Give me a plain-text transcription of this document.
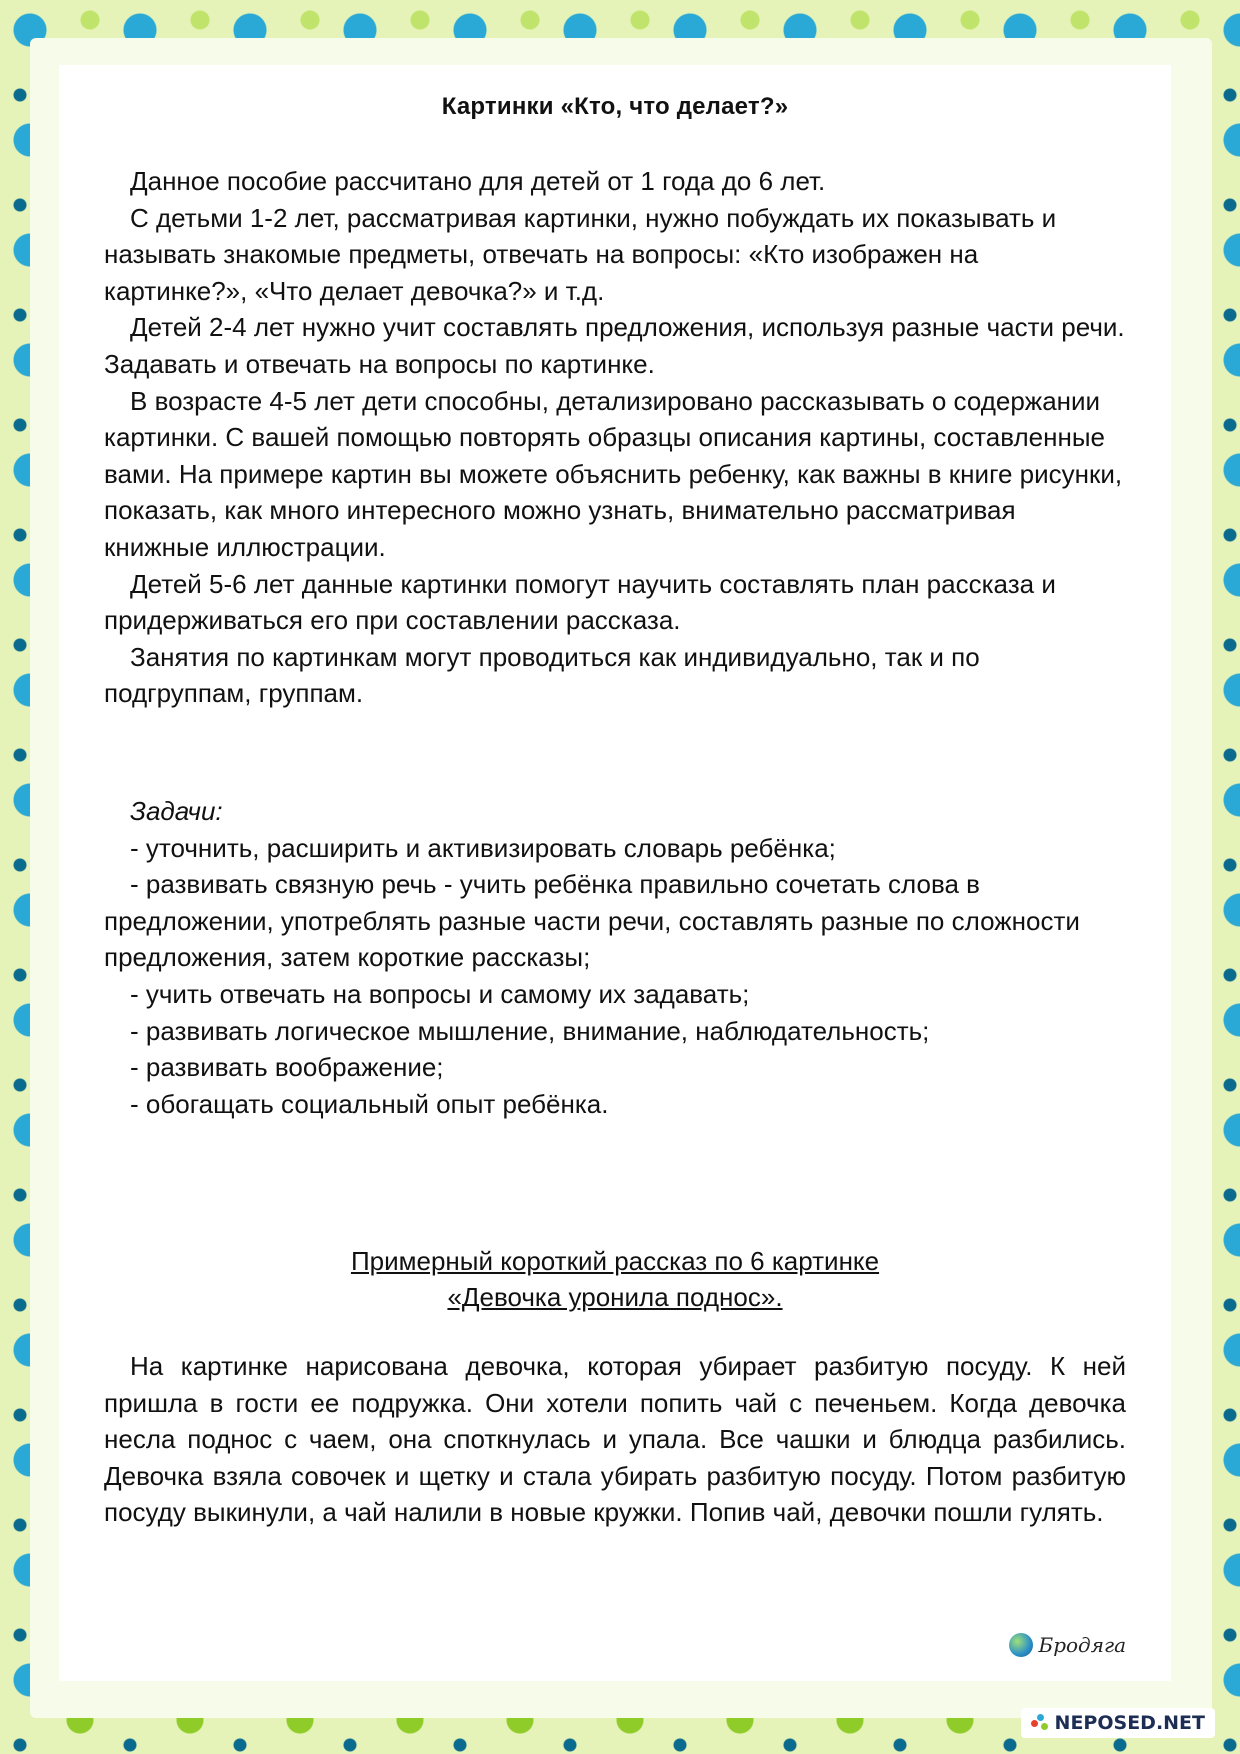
Картинки «Кто, что делает?»

Данное пособие рассчитано для детей от 1 года до 6 лет.

С детьми 1-2 лет, рассматривая картинки, нужно побуждать их показывать и называть знакомые предметы, отвечать на вопросы: «Кто изображен на картинке?», «Что делает девочка?» и т.д.

Детей 2-4 лет нужно учит составлять предложения, используя разные части речи. Задавать и отвечать на вопросы по картинке.

В возрасте 4-5 лет дети способны, детализировано рассказывать о содержании картинки. С вашей помощью повторять образцы описания картины, составленные вами. На примере картин вы можете объяснить ребенку, как важны в книге рисунки, показать, как много интересного можно узнать, внимательно рассматривая книжные иллюстрации.

Детей 5-6 лет данные картинки помогут научить составлять план рассказа и придерживаться его при составлении рассказа.

Занятия по картинкам могут проводиться как индивидуально, так и по подгруппам, группам.

Задачи:

- уточнить, расширить и активизировать словарь ребёнка;

- развивать связную речь - учить ребёнка правильно сочетать слова в предложении, употреблять разные части речи, составлять разные по сложности предложения, затем короткие рассказы;

- учить отвечать на вопросы и самому их задавать;

- развивать логическое мышление, внимание, наблюдательность;

- развивать воображение;

- обогащать социальный опыт ребёнка.

Примерный короткий рассказ по 6 картинке
«Девочка уронила поднос».

На картинке нарисована девочка, которая убирает разбитую посуду. К ней пришла в гости ее подружка. Они хотели попить чай с печеньем. Когда девочка несла поднос с чаем, она споткнулась и упала. Все чашки и блюдца разбились. Девочка взяла совочек и щетку и стала убирать разбитую посуду. Потом разбитую посуду выкинули, а чай налили в новые кружки. Попив чай, девочки пошли гулять.

Бродяга
NEPOSED.NET
